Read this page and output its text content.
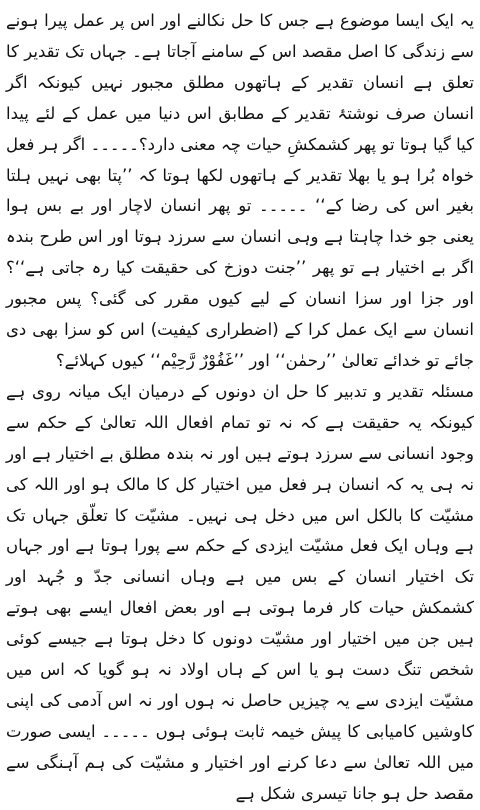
یہ ایک ایسا موضوع ہے جس کا حل نکالنے اور اس پر عمل پیرا ہونے سے زندگی کا اصل مقصد اس کے سامنے آجاتا ہے۔ جہاں تک تقدیر کا تعلق ہے انسان تقدیر کے ہاتھوں مطلق مجبور نہیں کیونکہ اگر انسان صرف نوشتۂ تقدیر کے مطابق اس دنیا میں عمل کے لئے پیدا کیا گیا ہوتا تو پھر کشمکشِ حیات چہ معنی دارد؟۔۔۔۔۔ اگر ہر فعل خواہ بُرا ہو یا بھلا تقدیر کے ہاتھوں لکھا ہوتا کہ ’’پتا بھی نہیں ہلتا بغیر اس کی رضا کے‘‘ ۔۔۔۔۔ تو پھر انسان لاچار اور بے بس ہوا یعنی جو خدا چاہتا ہے وہی انسان سے سرزد ہوتا اور اس طرح بندہ اگر بے اختیار ہے تو پھر ’’جنت دوزخ کی حقیقت کیا رہ جاتی ہے‘‘؟ اور جزا اور سزا انسان کے لیے کیوں مقرر کی گئی؟ پس مجبور انسان سے ایک عمل کرا کے (اضطراری کیفیت) اس کو سزا بھی دی جائے تو خدائے تعالیٰ ’’رحمٰن‘‘ اور ’’غَفُوْرٌ رَّحِیْم‘‘ کیوں کہلائے؟

مسئلہ تقدیر و تدبیر کا حل ان دونوں کے درمیان ایک میانہ روی ہے کیونکہ یہ حقیقت ہے کہ نہ تو تمام افعال اللہ تعالیٰ کے حکم سے وجود انسانی سے سرزد ہوتے ہیں اور نہ بندہ مطلق بے اختیار ہے اور نہ ہی یہ کہ انسان ہر فعل میں اختیار کل کا مالک ہو اور اللہ کی مشیّت کا بالکل اس میں دخل ہی نہیں۔ مشیّت کا تعلّق جہاں تک ہے وہاں ایک فعل مشیّت ایزدی کے حکم سے پورا ہوتا ہے اور جہاں تک اختیار انسان کے بس میں ہے وہاں انسانی جدّ و جُہد اور کشمکش حیات کار فرما ہوتی ہے اور بعض افعال ایسے بھی ہوتے ہیں جن میں اختیار اور مشیّت دونوں کا دخل ہوتا ہے جیسے کوئی شخص تنگ دست ہو یا اس کے ہاں اولاد نہ ہو گویا کہ اس میں مشیّت ایزدی سے یہ چیزیں حاصل نہ ہوں اور نہ اس آدمی کی اپنی کاوشیں کامیابی کا پیش خیمہ ثابت ہوئی ہوں ۔۔۔۔۔ ایسی صورت میں اللہ تعالیٰ سے دعا کرنے اور اختیار و مشیّت کی ہم آہنگی سے مقصد حل ہو جانا تیسری شکل ہے
